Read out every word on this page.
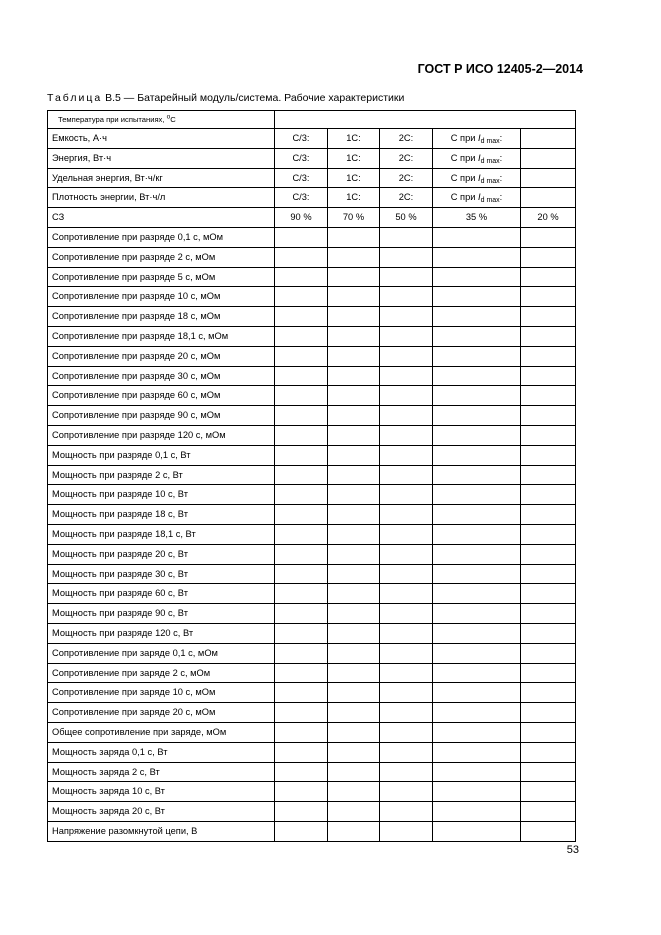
ГОСТ Р ИСО 12405-2—2014
Таблица В.5 — Батарейный модуль/система. Рабочие характеристики
Температура при испытаниях, $^o$C					
Емкость, А·ч	С/3:	1С:	2С:	С при $I_{d max}$:	
Энергия, Вт·ч	С/3:	1С:	2С:	С при $I_{d max}$:	
Удельная энергия, Вт·ч/кг	С/3:	1С:	2С:	С при $I_{d max}$:	
Плотность энергии, Вт·ч/л	С/3:	1С:	2С:	С при $I_{d max}$:	
СЗ	90 %	70 %	50 %	35 %	20 %
Сопротивление при разряде 0,1 с, мОм					
Сопротивление при разряде 2 с, мОм					
Сопротивление при разряде 5 с, мОм					
Сопротивление при разряде 10 с, мОм					
Сопротивление при разряде 18 с, мОм					
Сопротивление при разряде 18,1 с, мОм					
Сопротивление при разряде 20 с, мОм					
Сопротивление при разряде 30 с, мОм					
Сопротивление при разряде 60 с, мОм					
Сопротивление при разряде 90 с, мОм					
Сопротивление при разряде 120 с, мОм					
Мощность при разряде 0,1 с, Вт					
Мощность при разряде 2 с, Вт					
Мощность при разряде 10 с, Вт					
Мощность при разряде 18 с, Вт					
Мощность при разряде 18,1 с, Вт					
Мощность при разряде 20 с, Вт					
Мощность при разряде 30 с, Вт					
Мощность при разряде 60 с, Вт					
Мощность при разряде 90 с, Вт					
Мощность при разряде 120 с, Вт					
Сопротивление при заряде 0,1 с, мОм					
Сопротивление при заряде 2 с, мОм					
Сопротивление при заряде 10 с, мОм					
Сопротивление при заряде 20 с, мОм					
Общее сопротивление при заряде, мОм					
Мощность заряда 0,1 с, Вт					
Мощность заряда 2 с, Вт					
Мощность заряда 10 с, Вт					
Мощность заряда 20 с, Вт					
Напряжение разомкнутой цепи, В					
53
